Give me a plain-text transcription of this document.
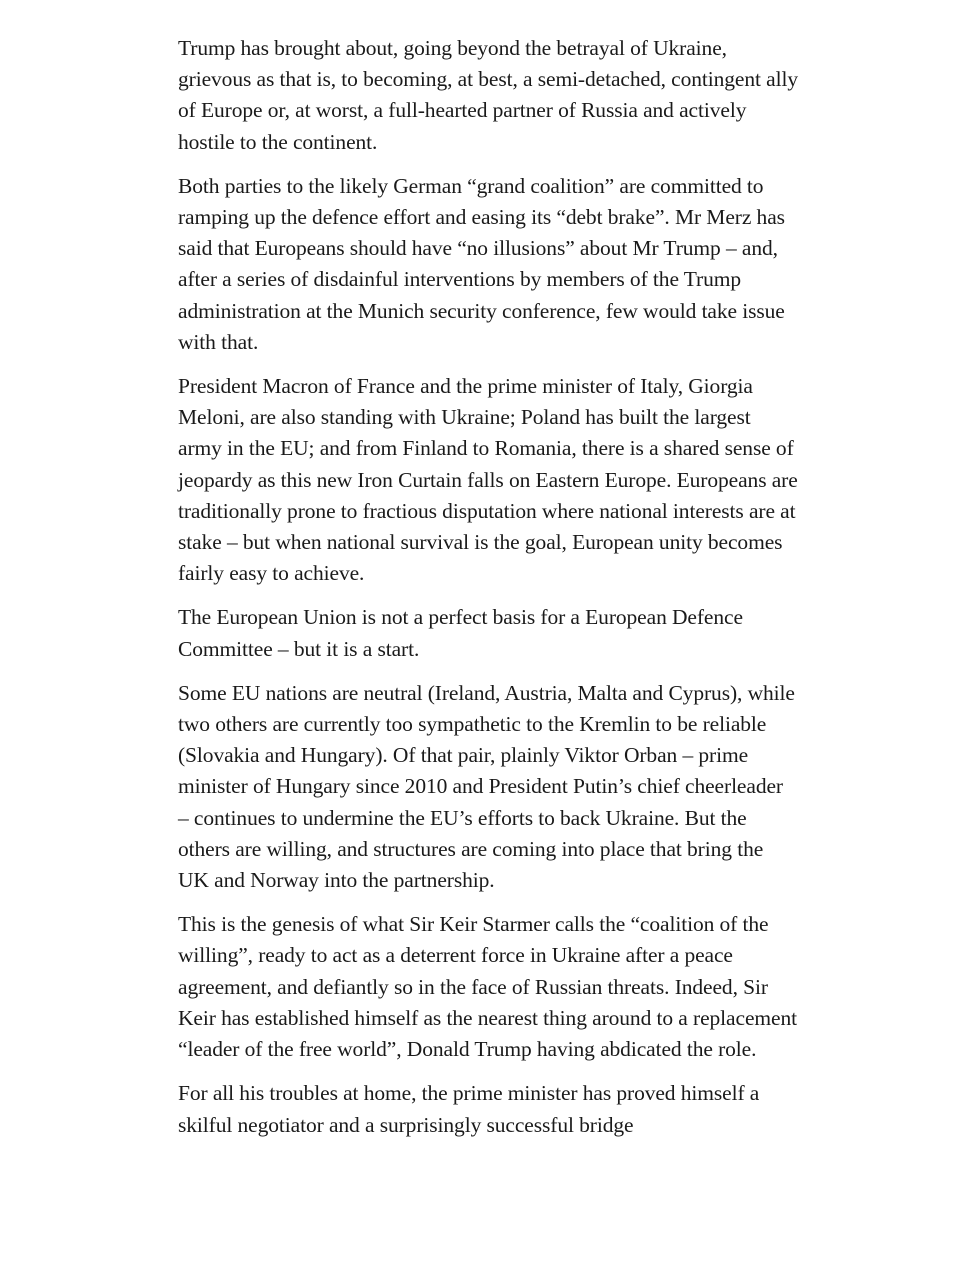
Trump has brought about, going beyond the betrayal of Ukraine, grievous as that is, to becoming, at best, a semi-detached, contingent ally of Europe or, at worst, a full-hearted partner of Russia and actively hostile to the continent.

Both parties to the likely German “grand coalition” are committed to ramping up the defence effort and easing its “debt brake”. Mr Merz has said that Europeans should have “no illusions” about Mr Trump – and, after a series of disdainful interventions by members of the Trump administration at the Munich security conference, few would take issue with that.

President Macron of France and the prime minister of Italy, Giorgia Meloni, are also standing with Ukraine; Poland has built the largest army in the EU; and from Finland to Romania, there is a shared sense of jeopardy as this new Iron Curtain falls on Eastern Europe. Europeans are traditionally prone to fractious disputation where national interests are at stake – but when national survival is the goal, European unity becomes fairly easy to achieve.

The European Union is not a perfect basis for a European Defence Committee – but it is a start.

Some EU nations are neutral (Ireland, Austria, Malta and Cyprus), while two others are currently too sympathetic to the Kremlin to be reliable (Slovakia and Hungary). Of that pair, plainly Viktor Orban – prime minister of Hungary since 2010 and President Putin’s chief cheerleader – continues to undermine the EU’s efforts to back Ukraine. But the others are willing, and structures are coming into place that bring the UK and Norway into the partnership.

This is the genesis of what Sir Keir Starmer calls the “coalition of the willing”, ready to act as a deterrent force in Ukraine after a peace agreement, and defiantly so in the face of Russian threats. Indeed, Sir Keir has established himself as the nearest thing around to a replacement “leader of the free world”, Donald Trump having abdicated the role.

For all his troubles at home, the prime minister has proved himself a skilful negotiator and a surprisingly successful bridge
